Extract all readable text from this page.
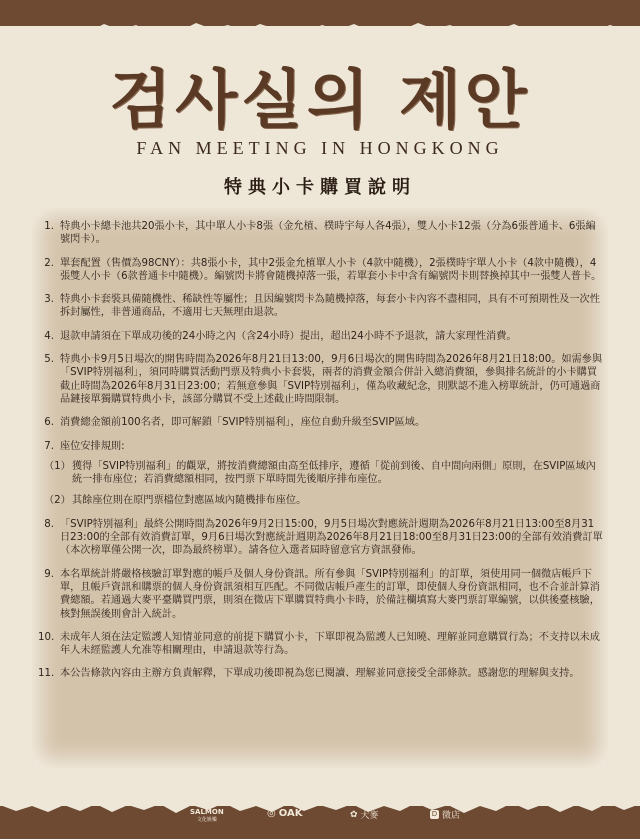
검사실의 제안
FAN MEETING IN HONGKONG
特典小卡購買說明
1. 特典小卡總卡池共20張小卡，其中單人小卡8張（金允植、樸時宇每人各4張），雙人小卡12張（分為6張普通卡、6張編號閃卡）。
2. 單套配置（售價為98CNY）：共8張小卡，其中2張金允植單人小卡（4款中隨機），2張樸時宇單人小卡（4款中隨機），4張雙人小卡（6款普通卡中隨機）。編號閃卡將會隨機掉落一張，若單套小卡中含有編號閃卡則替換掉其中一張雙人普卡。
3. 特典小卡套裝具備隨機性、稀缺性等屬性；且因編號閃卡為隨機掉落，每套小卡內容不盡相同，具有不可預期性及一次性拆封屬性，非普通商品，不適用七天無理由退款。
4. 退款申請須在下單成功後的24小時之內（含24小時）提出，超出24小時不予退款，請大家理性消費。
5. 特典小卡9月5日場次的開售時間為2026年8月21日13:00，9月6日場次的開售時間為2026年8月21日18:00。如需參與「SVIP特別福利」，須同時購買活動門票及特典小卡套裝，兩者的消費金額合併計入總消費額，參與排名統計的小卡購買截止時間為2026年8月31日23:00；若無意參與「SVIP特別福利」，僅為收藏紀念，則默認不進入榜單統計，仍可通過商品鏈接單獨購買特典小卡，該部分購買不受上述截止時間限制。
6. 消費總金額前100名者，即可解鎖「SVIP特別福利」，座位自動升級至SVIP區域。
7. 座位安排規則:
（1） 獲得「SVIP特別福利」的觀眾，將按消費總額由高至低排序，遵循「從前到後、自中間向兩側」原則，在SVIP區域內統一排布座位；若消費總額相同，按門票下單時間先後順序排布座位。
（2） 其餘座位則在原門票檔位對應區域內隨機排布座位。
8. 「SVIP特別福利」最終公開時間為2026年9月2日15:00，9月5日場次對應統計週期為2026年8月21日13:00至8月31日23:00的全部有效消費訂單，9月6日場次對應統計週期為2026年8月21日18:00至8月31日23:00的全部有效消費訂單（本次榜單僅公開一次，即為最終榜單）。請各位入選者屆時留意官方資訊發佈。
9. 本名單統計將嚴格核驗訂單對應的帳戶及個人身份資訊。所有參與「SVIP特別福利」的訂單，須使用同一個微店帳戶下單，且帳戶資訊和購票的個人身份資訊須相互匹配。不同微店帳戶產生的訂單，即使個人身份資訊相同，也不合並計算消費總額。若通過大麥平臺購買門票，則須在微店下單購買特典小卡時，於備註欄填寫大麥門票訂單編號，以供後臺核驗，核對無誤後則會計入統計。
10. 未成年人須在法定監護人知情並同意的前提下購買小卡，下單即視為監護人已知曉、理解並同意購買行為；不支持以未成年人未經監護人允准等相關理由，申請退款等行為。
11. 本公告條款內容由主辦方負責解釋，下單成功後即視為您已閱讀、理解並同意接受全部條款。感謝您的理解與支持。
SALMON
文化娛樂
◎ OAK	✿ 大麥	D 微店
